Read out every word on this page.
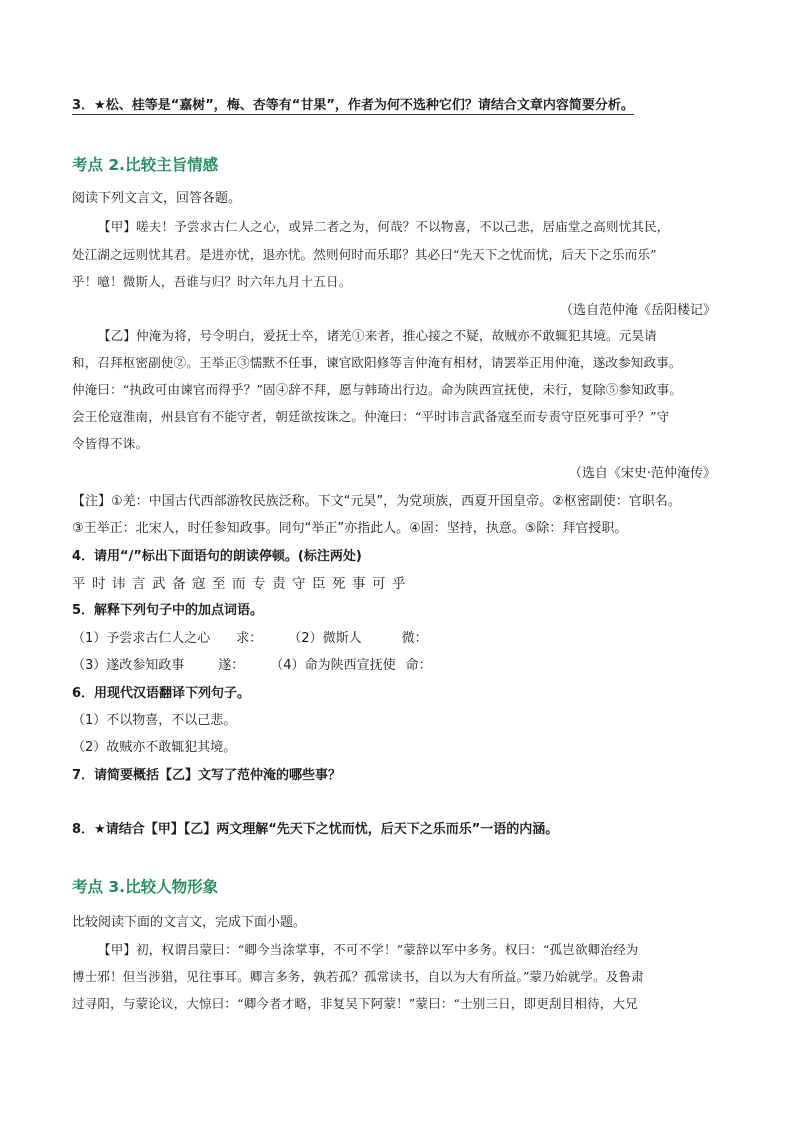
3．★松、桂等是“嘉树”，梅、杏等有“甘果”，作者为何不选种它们？请结合文章内容简要分析。
考点 2.比较主旨情感
阅读下列文言文，回答各题。
【甲】嗟夫！予尝求古仁人之心，或异二者之为，何哉？不以物喜，不以己悲，居庙堂之高则忧其民，
处江湖之远则忧其君。是进亦忧，退亦忧。然则何时而乐耶？其必曰“先天下之忧而忧，后天下之乐而乐”
乎！噫！微斯人，吾谁与归？时六年九月十五日。
（选自范仲淹《岳阳楼记》
【乙】仲淹为将，号令明白，爱抚士卒，诸羌①来者，推心接之不疑，故贼亦不敢辄犯其境。元昊请
和，召拜枢密副使②。王举正③懦默不任事，谏官欧阳修等言仲淹有相材，请罢举正用仲淹，遂改参知政事。
仲淹曰：“执政可由谏官而得乎？”固④辞不拜，愿与韩琦出行边。命为陕西宣抚使，未行，复除⑤参知政事。
会王伦寇淮南，州县官有不能守者，朝廷欲按诛之。仲淹曰：“平时讳言武备寇至而专责守臣死事可乎？”守
令皆得不诛。
（选自《宋史·范仲淹传》
【注】①羌：中国古代西部游牧民族泛称。下文“元昊”，为党项族，西夏开国皇帝。②枢密副使：官职名。
③王举正：北宋人，时任参知政事。同句“举正”亦指此人。④固：坚持，执意。⑤除：拜官授职。
4．请用“/”标出下面语句的朗读停顿。(标注两处)
平时讳言武备寇至而专责守臣死事可乎
5．解释下列句子中的加点词语。
（1）予尝求古仁人之心 求： （2）微斯人	微：
（3）遂改参知政事	遂： （4）命为陕西宣抚使 命：
6．用现代汉语翻译下列句子。
（1）不以物喜，不以己悲。
（2）故贼亦不敢辄犯其境。
7．请简要概括【乙】文写了范仲淹的哪些事？
8．★请结合【甲】【乙】两文理解“先天下之忧而忧，后天下之乐而乐”一语的内涵。
考点 3.比较人物形象
比较阅读下面的文言文，完成下面小题。
【甲】初，权谓吕蒙曰：“卿今当涂掌事，不可不学！”蒙辞以军中多务。权曰：“孤岂欲卿治经为
博士邪！但当涉猎，见往事耳。卿言多务，孰若孤？孤常读书，自以为大有所益。”蒙乃始就学。及鲁肃
过寻阳，与蒙论议，大惊曰：“卿今者才略，非复吴下阿蒙！”蒙曰：“士别三日，即更刮目相待，大兄
